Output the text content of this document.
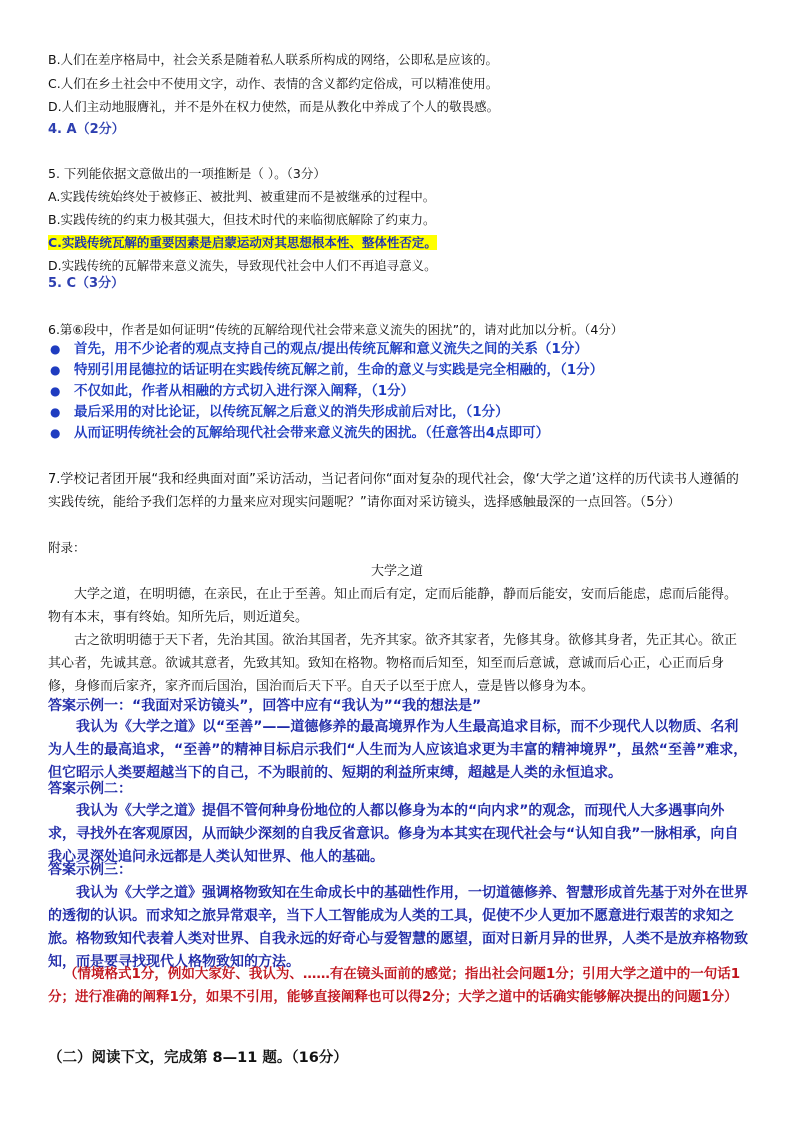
B.人们在差序格局中，社会关系是随着私人联系所构成的网络，公即私是应该的。
C.人们在乡土社会中不使用文字，动作、表情的含义都约定俗成，可以精准使用。
D.人们主动地服膺礼，并不是外在权力使然，而是从教化中养成了个人的敬畏感。
4. A（2分）
5. 下列能依据文意做出的一项推断是（ ）。（3分）
A.实践传统始终处于被修正、被批判、被重建而不是被继承的过程中。
B.实践传统的约束力极其强大，但技术时代的来临彻底解除了约束力。
C.实践传统瓦解的重要因素是启蒙运动对其思想根本性、整体性否定。
D.实践传统的瓦解带来意义流失，导致现代社会中人们不再追寻意义。
5. C（3分）
6.第⑥段中，作者是如何证明“传统的瓦解给现代社会带来意义流失的困扰”的，请对此加以分析。（4分）
● 首先，用不少论者的观点支持自己的观点/提出传统瓦解和意义流失之间的关系（1分）
● 特别引用昆德拉的话证明在实践传统瓦解之前，生命的意义与实践是完全相融的，（1分）
● 不仅如此，作者从相融的方式切入进行深入阐释，（1分）
● 最后采用的对比论证，以传统瓦解之后意义的消失形成前后对比，（1分）
● 从而证明传统社会的瓦解给现代社会带来意义流失的困扰。（任意答出4点即可）
7.学校记者团开展“我和经典面对面”采访活动，当记者问你“面对复杂的现代社会，像‘大学之道’这样的历代读书人遵循的实践传统，能给予我们怎样的力量来应对现实问题呢？”请你面对采访镜头，选择感触最深的一点回答。（5分）
附录：
大学之道
大学之道，在明明德，在亲民，在止于至善。知止而后有定，定而后能静，静而后能安，安而后能虑，虑而后能得。物有本末，事有终始。知所先后，则近道矣。
古之欲明明德于天下者，先治其国。欲治其国者，先齐其家。欲齐其家者，先修其身。欲修其身者，先正其心。欲正其心者，先诚其意。欲诚其意者，先致其知。致知在格物。物格而后知至，知至而后意诚，意诚而后心正，心正而后身修，身修而后家齐，家齐而后国治，国治而后天下平。自天子以至于庶人，壹是皆以修身为本。
答案示例一：“我面对采访镜头”，回答中应有“我认为”“我的想法是”
我认为《大学之道》以“至善”——道德修养的最高境界作为人生最高追求目标，而不少现代人以物质、名利为人生的最高追求，“至善”的精神目标启示我们“人生而为人应该追求更为丰富的精神境界”，虽然“至善”难求，但它昭示人类要超越当下的自己，不为眼前的、短期的利益所束缚，超越是人类的永恒追求。
答案示例二：
我认为《大学之道》提倡不管何种身份地位的人都以修身为本的“向内求”的观念，而现代人大多遇事向外求，寻找外在客观原因，从而缺少深刻的自我反省意识。修身为本其实在现代社会与“认知自我”一脉相承，向自我心灵深处追问永远都是人类认知世界、他人的基础。
答案示例三：
我认为《大学之道》强调格物致知在生命成长中的基础性作用，一切道德修养、智慧形成首先基于对外在世界的透彻的认识。而求知之旅异常艰辛，当下人工智能成为人类的工具，促使不少人更加不愿意进行艰苦的求知之旅。格物致知代表着人类对世界、自我永远的好奇心与爱智慧的愿望，面对日新月异的世界，人类不是放弃格物致知，而是要寻找现代人格物致知的方法。
（情境格式1分，例如大家好、我认为、……有在镜头面前的感觉；指出社会问题1分；引用大学之道中的一句话1分；进行准确的阐释1分，如果不引用，能够直接阐释也可以得2分；大学之道中的话确实能够解决提出的问题1分）
（二）阅读下文，完成第 8—11 题。（16分）
